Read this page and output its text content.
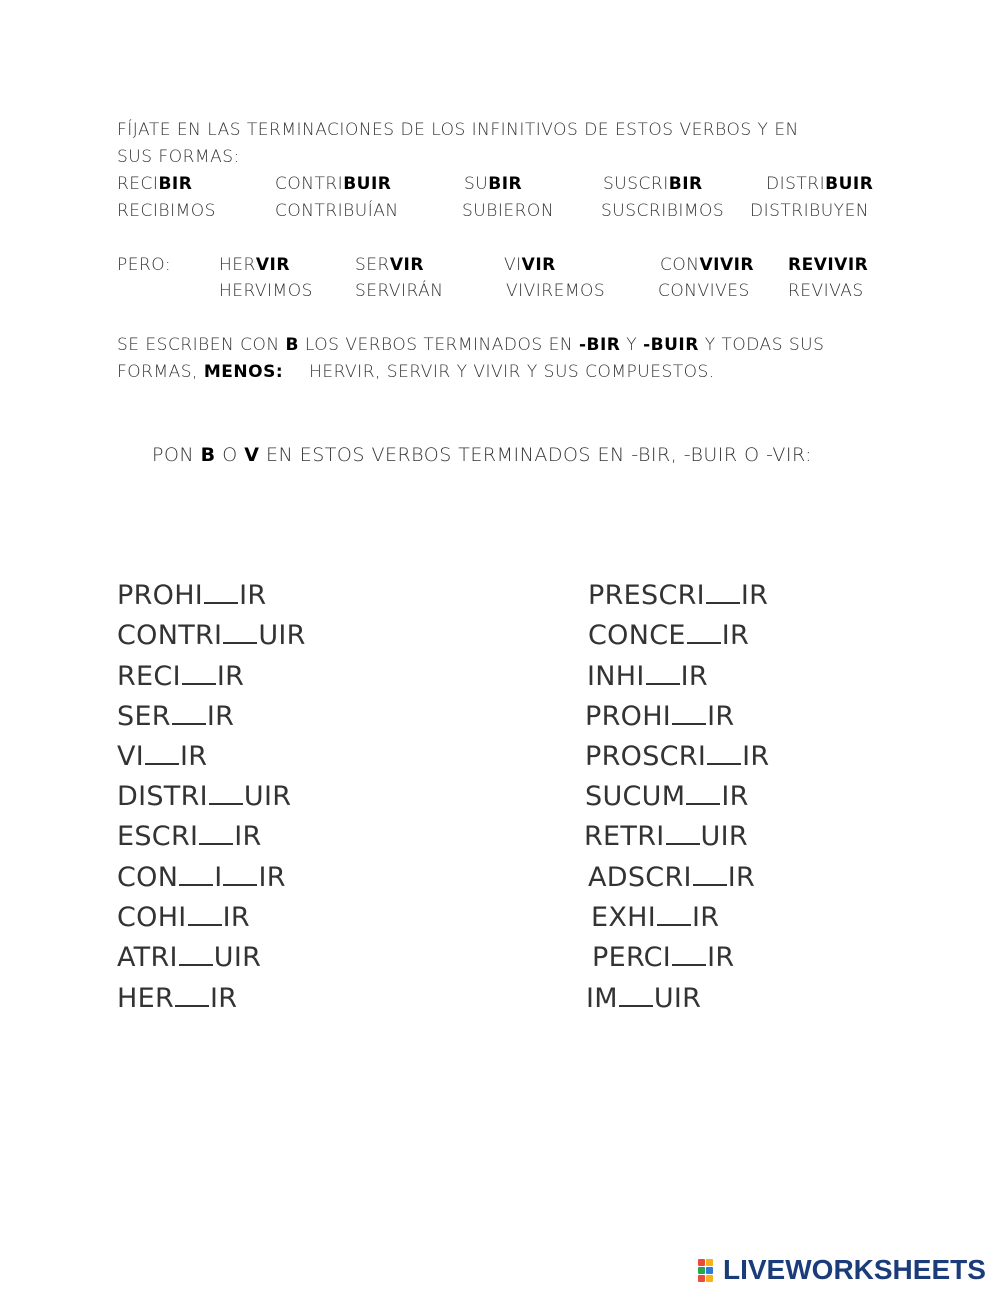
FÍJATE EN LAS TERMINACIONES DE LOS INFINITIVOS DE ESTOS VERBOS Y EN
SUS FORMAS:
RECIBIR
RECIBIMOS
CONTRIBUIR
CONTRIBUÍAN
SUBIR
SUBIERON
SUSCRIBIR
SUSCRIBIMOS
DISTRIBUIR
DISTRIBUYEN
PERO:	HERVIR
HERVIMOS
SERVIR
SERVIRÁN
VIVIR
VIVIREMOS
CONVIVIR
CONVIVES
REVIVIR
REVIVAS
SE ESCRIBEN CON B LOS VERBOS TERMINADOS EN -BIR Y -BUIR Y TODAS SUS
FORMAS, MENOS: HERVIR, SERVIR Y VIVIR Y SUS COMPUESTOS.
PON B O V EN ESTOS VERBOS TERMINADOS EN -BIR, -BUIR O -VIR:
PROHI IR
CONTRI UIR
RECI IR
SER IR
VI IR
DISTRI UIR
ESCRI IR
CON I IR
COHI IR
ATRI UIR
HER IR
PRESCRI IR
CONCE IR
INHI IR
PROHI IR
PROSCRI IR
SUCUM IR
RETRI UIR
ADSCRI IR
EXHI IR
PERCI IR
IM UIR
LIVEWORKSHEETS
